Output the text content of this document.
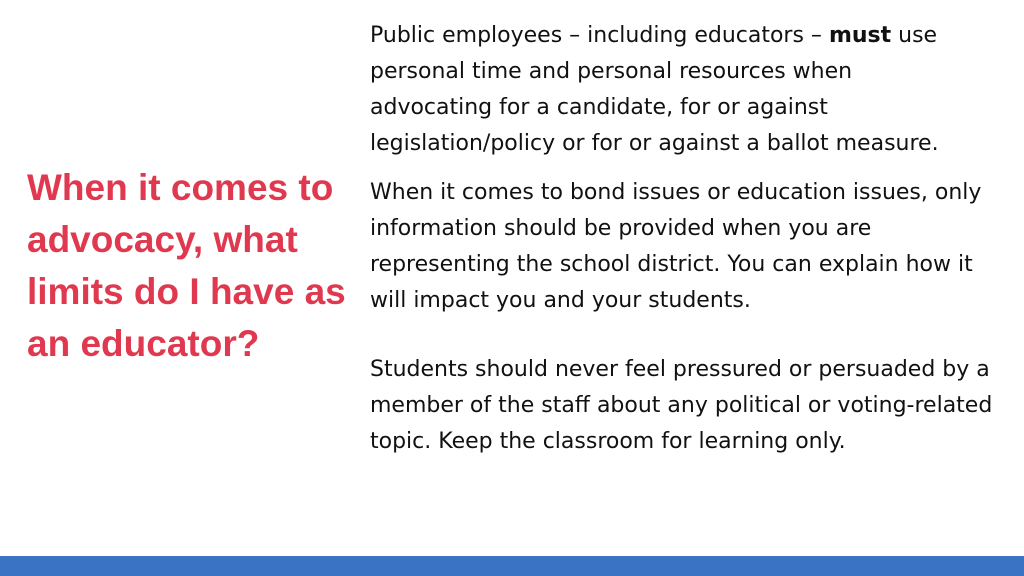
When it comes to advocacy, what limits do I have as an educator?

Public employees – including educators – must use personal time and personal resources when advocating for a candidate, for or against legislation/policy or for or against a ballot measure.

When it comes to bond issues or education issues, only information should be provided when you are representing the school district. You can explain how it will impact you and your students.

Students should never feel pressured or persuaded by a member of the staff about any political or voting-related topic. Keep the classroom for learning only.
